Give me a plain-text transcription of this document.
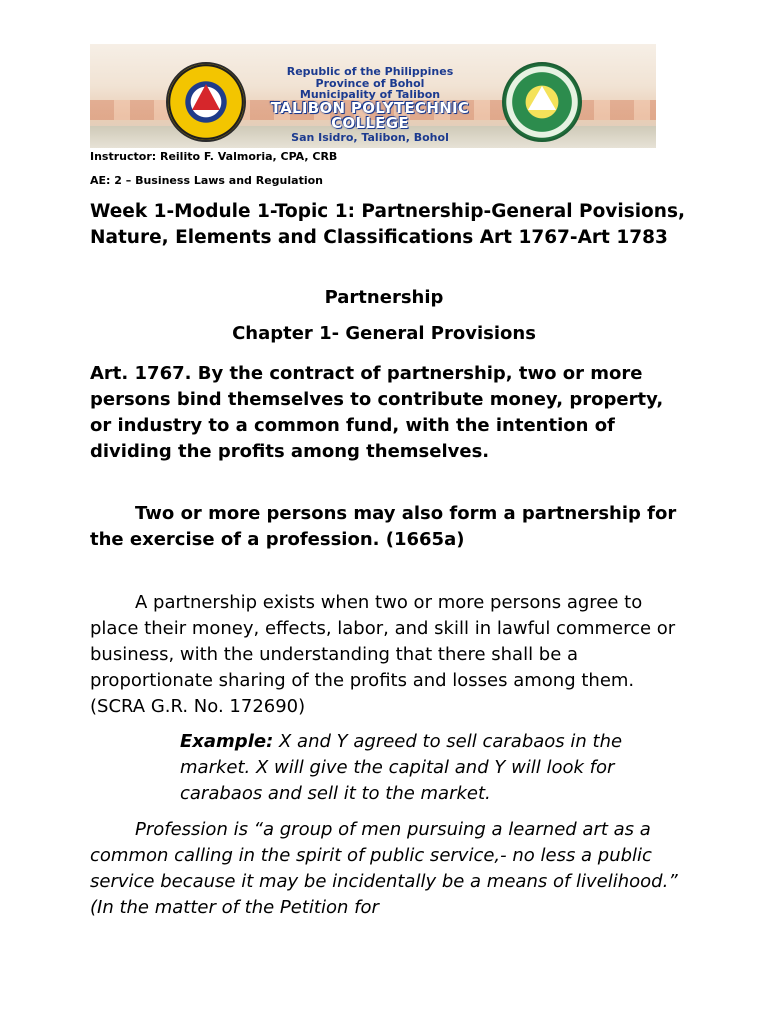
Republic of the Philippines
Province of Bohol
Municipality of Talibon
TALIBON POLYTECHNIC COLLEGE
San Isidro, Talibon, Bohol
Instructor: Reilito F. Valmoria, CPA, CRB
AE: 2 – Business Laws and Regulation
Week 1-Module 1-Topic 1: Partnership-General Povisions, Nature, Elements and Classifications Art 1767-Art 1783
Partnership
Chapter 1- General Provisions
Art. 1767. By the contract of partnership, two or more persons bind themselves to contribute money, property, or industry to a common fund, with the intention of dividing the profits among themselves.
Two or more persons may also form a partnership for the exercise of a profession. (1665a)
A partnership exists when two or more persons agree to place their money, effects, labor, and skill in lawful commerce or business, with the understanding that there shall be a proportionate sharing of the profits and losses among them. (SCRA G.R. No. 172690)
Example: X and Y agreed to sell carabaos in the market. X will give the capital and Y will look for carabaos and sell it to the market.
Profession is “a group of men pursuing a learned art as a common calling in the spirit of public service,- no less a public service because it may be incidentally be a means of livelihood.” (In the matter of the Petition for
